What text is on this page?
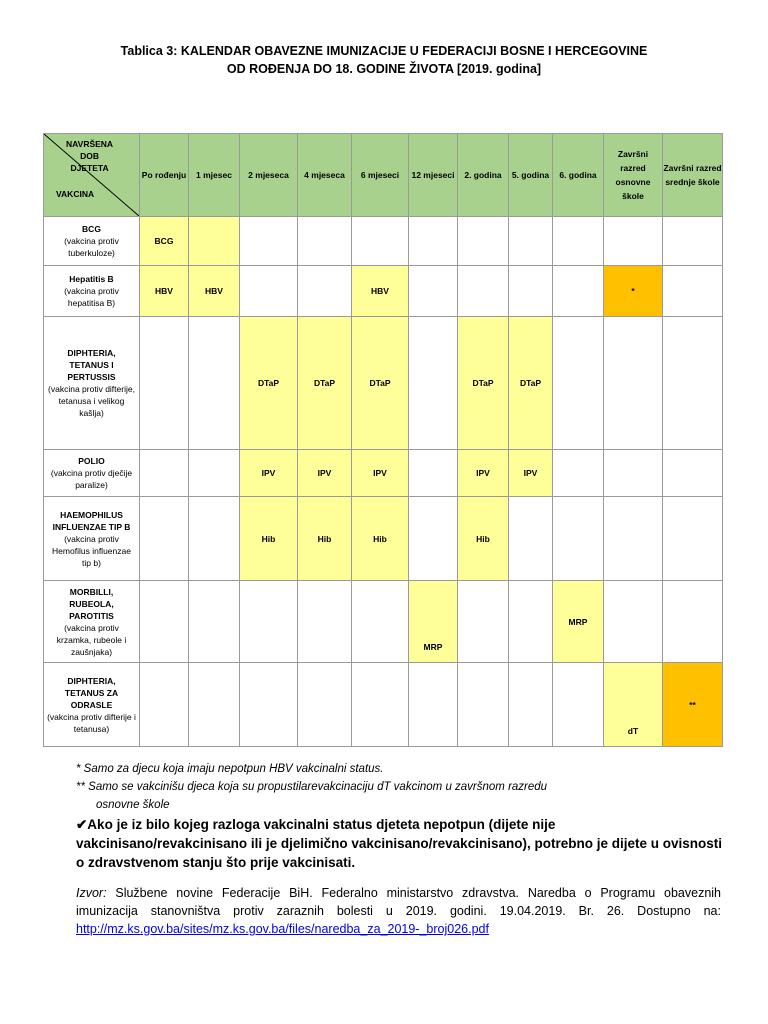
Tablica 3: KALENDAR OBAVEZNE IMUNIZACIJE U FEDERACIJI BOSNE I HERCEGOVINE
OD ROĐENJA DO 18. GODINE ŽIVOTA [2019. godina]
NAVRŠENA
DOB
DJETETA
VAKCINA	Po rođenju	1 mjesec	2 mjeseca	4 mjeseca	6 mjeseci	12 mjeseci	2. godina	5. godina	6. godina	Završni razred osnovne škole	Završni razred srednje škole

BCG
(vakcina protiv tuberkuloze)	BCG										

Hepatitis B
(vakcina protiv hepatitisa B)	HBV	HBV			HBV					*	

DIPHTERIA, TETANUS I PERTUSSIS
(vakcina protiv difterije, tetanusa i velikog kašlja)			DTaP	DTaP	DTaP		DTaP	DTaP			

POLIO
(vakcina protiv dječije paralize)			IPV	IPV	IPV		IPV	IPV			

HAEMOPHILUS INFLUENZAE TIP B
(vakcina protiv Hemofilus influenzae tip b)			Hib	Hib	Hib		Hib				

MORBILLI, RUBEOLA, PAROTITIS
(vakcina protiv krzamka, rubeole i zaušnjaka)						MRP			MRP		

DIPHTERIA, TETANUS ZA ODRASLE
(vakcina protiv difterije i tetanusa)										dT	**
* Samo za djecu koja imaju nepotpun HBV vakcinalni status.
** Samo se vakcinišu djeca koja su propustilarevakcinaciju dT vakcinom u završnom razredu
osnovne škole
✔Ako je iz bilo kojeg razloga vakcinalni status djeteta nepotpun (dijete nije vakcinisano/revakcinisano ili je djelimično vakcinisano/revakcinisano), potrebno je dijete u ovisnosti o zdravstvenom stanju što prije vakcinisati.
Izvor: Službene novine Federacije BiH. Federalno ministarstvo zdravstva. Naredba o Programu obaveznih imunizacija stanovništva protiv zaraznih bolesti u 2019. godini. 19.04.2019. Br. 26. Dostupno na: http://mz.ks.gov.ba/sites/mz.ks.gov.ba/files/naredba_za_2019-_broj026.pdf
